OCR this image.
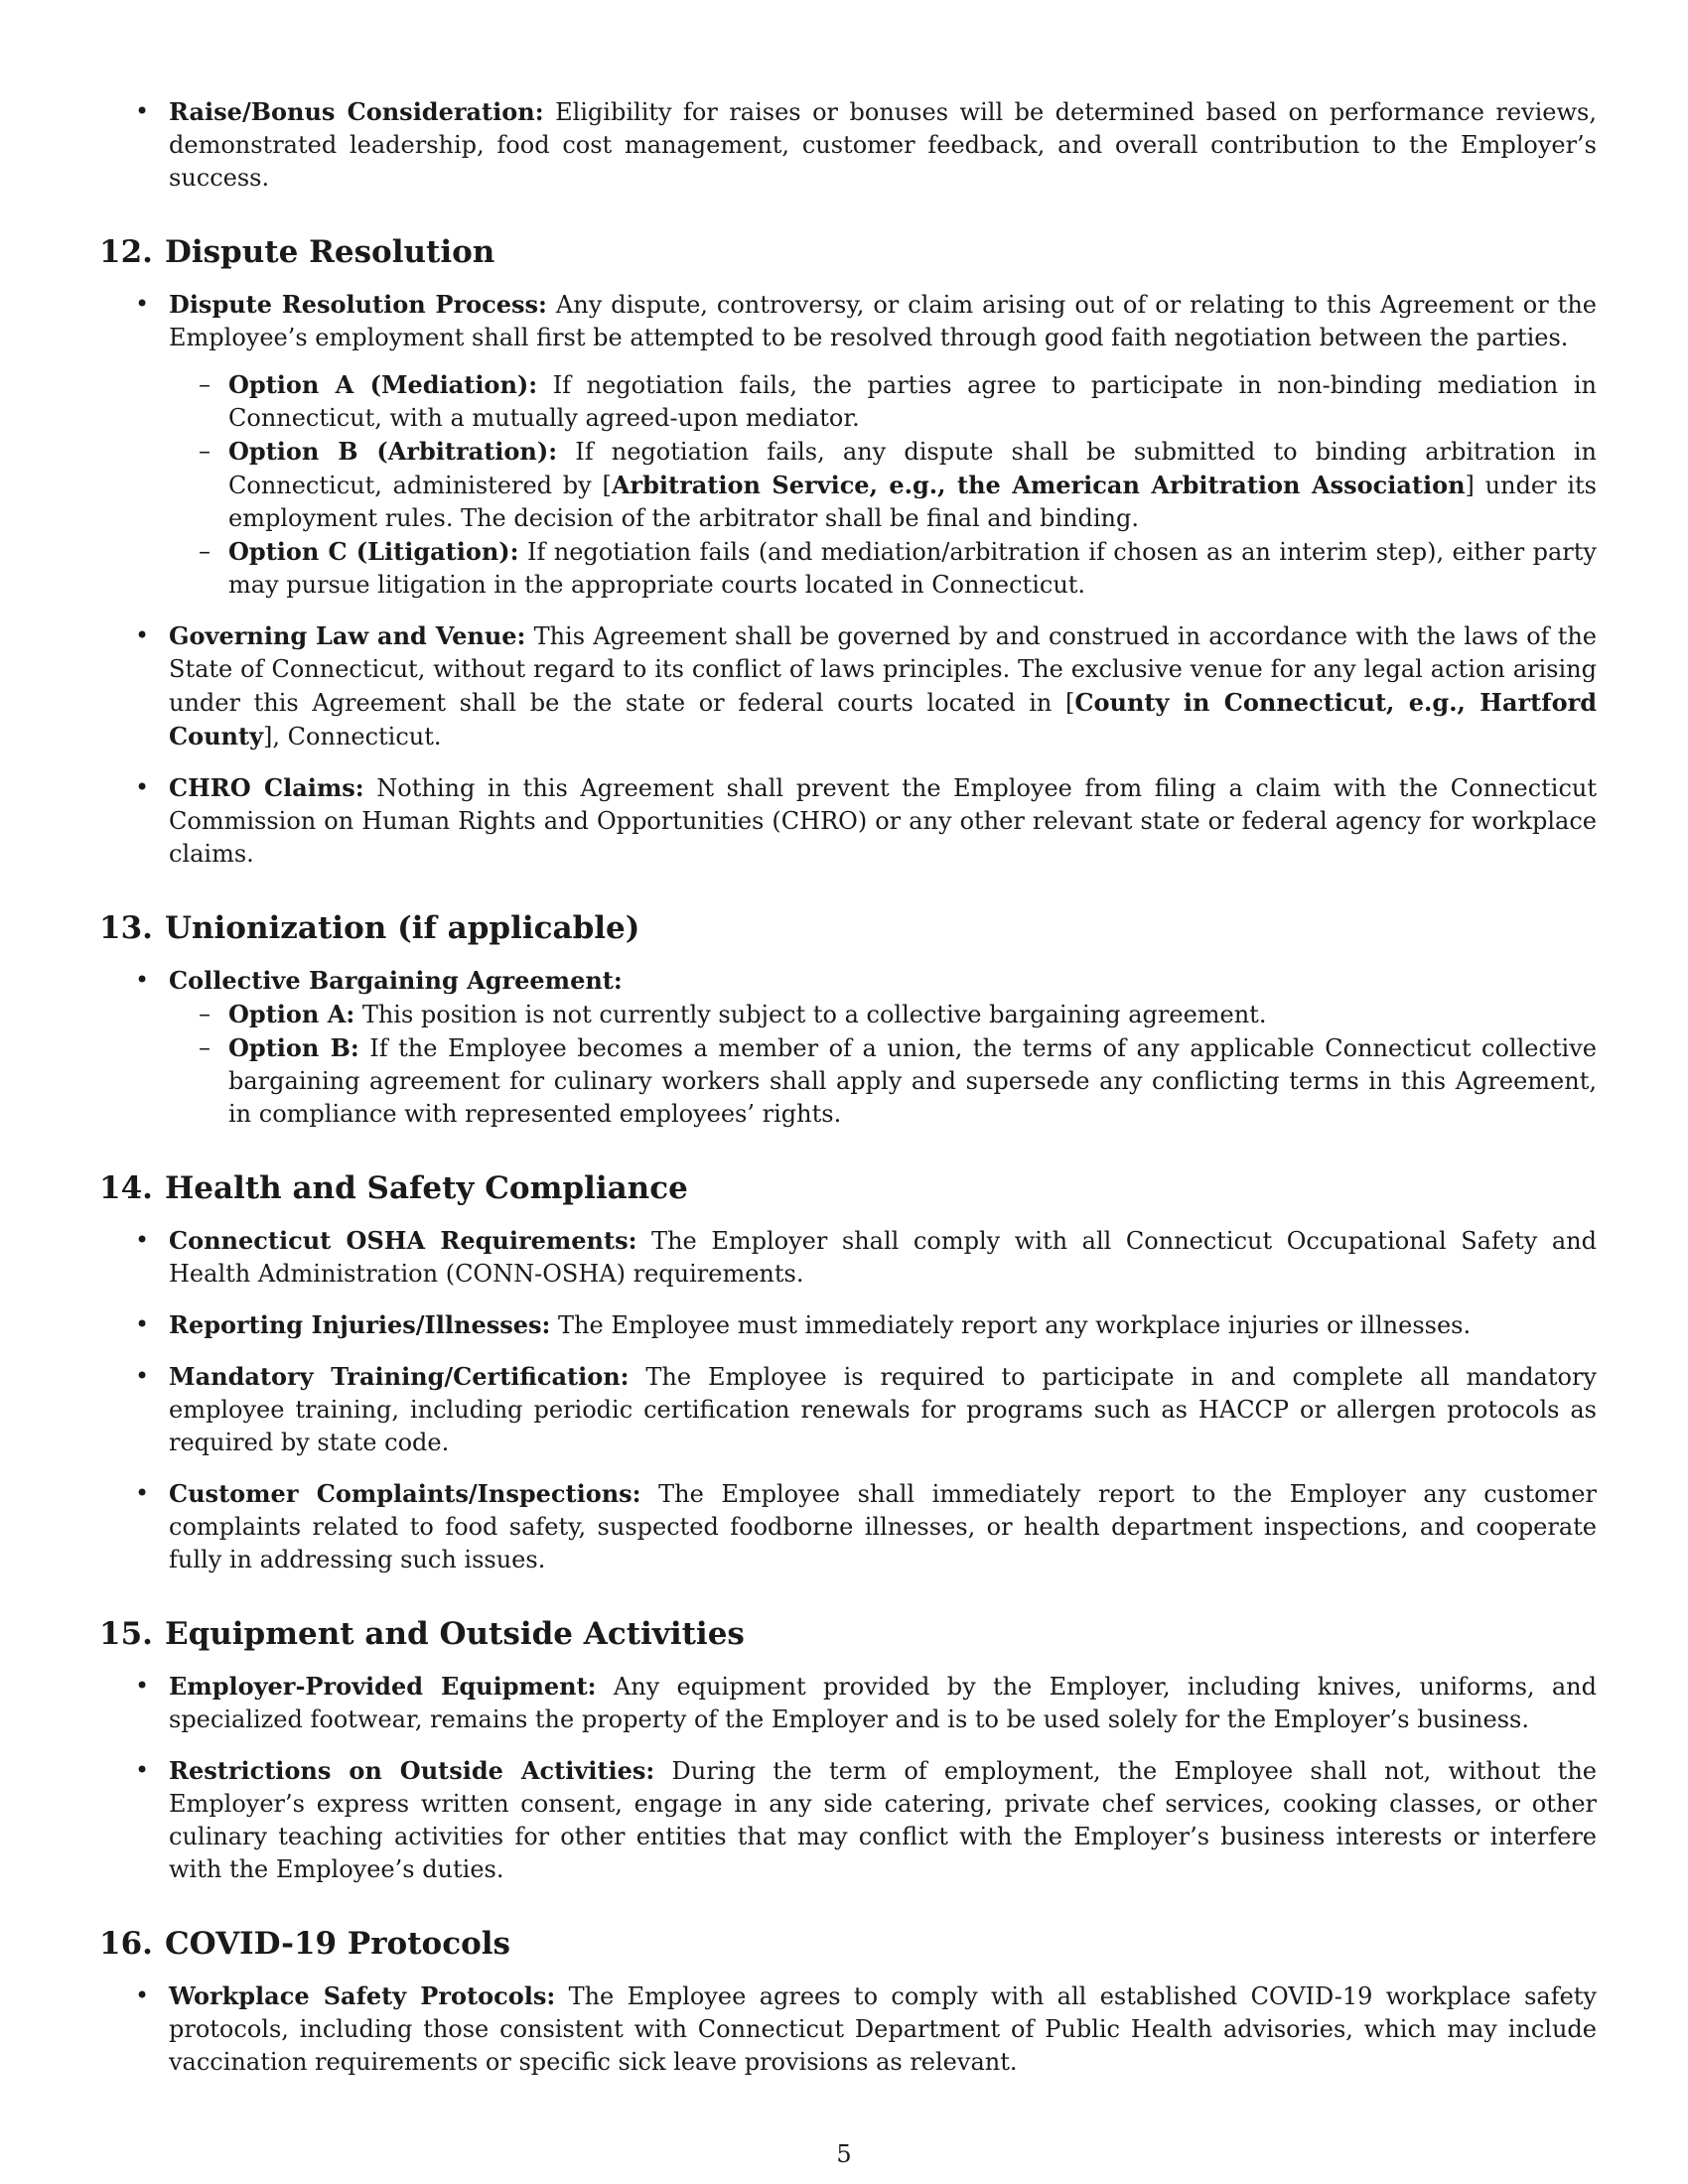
• Raise/Bonus Consideration: Eligibility for raises or bonuses will be determined based on performance reviews, demonstrated leadership, food cost management, customer feedback, and overall contribution to the Employer’s success.
12. Dispute Resolution
• Dispute Resolution Process: Any dispute, controversy, or claim arising out of or relating to this Agreement or the Employee’s employment shall first be attempted to be resolved through good faith negotiation between the parties.
– Option A (Mediation): If negotiation fails, the parties agree to participate in non-binding mediation in Connecticut, with a mutually agreed-upon mediator.
– Option B (Arbitration): If negotiation fails, any dispute shall be submitted to binding arbitration in Connecticut, administered by [Arbitration Service, e.g., the American Arbitration Association] under its employment rules. The decision of the arbitrator shall be final and binding.
– Option C (Litigation): If negotiation fails (and mediation/arbitration if chosen as an interim step), either party may pursue litigation in the appropriate courts located in Connecticut.
• Governing Law and Venue: This Agreement shall be governed by and construed in accordance with the laws of the State of Connecticut, without regard to its conflict of laws principles. The exclusive venue for any legal action arising under this Agreement shall be the state or federal courts located in [County in Connecticut, e.g., Hartford County], Connecticut.
• CHRO Claims: Nothing in this Agreement shall prevent the Employee from filing a claim with the Connecticut Commission on Human Rights and Opportunities (CHRO) or any other relevant state or federal agency for workplace claims.
13. Unionization (if applicable)
• Collective Bargaining Agreement:
– Option A: This position is not currently subject to a collective bargaining agreement.
– Option B: If the Employee becomes a member of a union, the terms of any applicable Connecticut collective bargaining agreement for culinary workers shall apply and supersede any conflicting terms in this Agreement, in compliance with represented employees’ rights.
14. Health and Safety Compliance
• Connecticut OSHA Requirements: The Employer shall comply with all Connecticut Occupational Safety and Health Administration (CONN-OSHA) requirements.
• Reporting Injuries/Illnesses: The Employee must immediately report any workplace injuries or illnesses.
• Mandatory Training/Certification: The Employee is required to participate in and complete all mandatory employee training, including periodic certification renewals for programs such as HACCP or allergen protocols as required by state code.
• Customer Complaints/Inspections: The Employee shall immediately report to the Employer any customer complaints related to food safety, suspected foodborne illnesses, or health department inspections, and cooperate fully in addressing such issues.
15. Equipment and Outside Activities
• Employer-Provided Equipment: Any equipment provided by the Employer, including knives, uniforms, and specialized footwear, remains the property of the Employer and is to be used solely for the Employer’s business.
• Restrictions on Outside Activities: During the term of employment, the Employee shall not, without the Employer’s express written consent, engage in any side catering, private chef services, cooking classes, or other culinary teaching activities for other entities that may conflict with the Employer’s business interests or interfere with the Employee’s duties.
16. COVID-19 Protocols
• Workplace Safety Protocols: The Employee agrees to comply with all established COVID-19 workplace safety protocols, including those consistent with Connecticut Department of Public Health advisories, which may include vaccination requirements or specific sick leave provisions as relevant.
5
